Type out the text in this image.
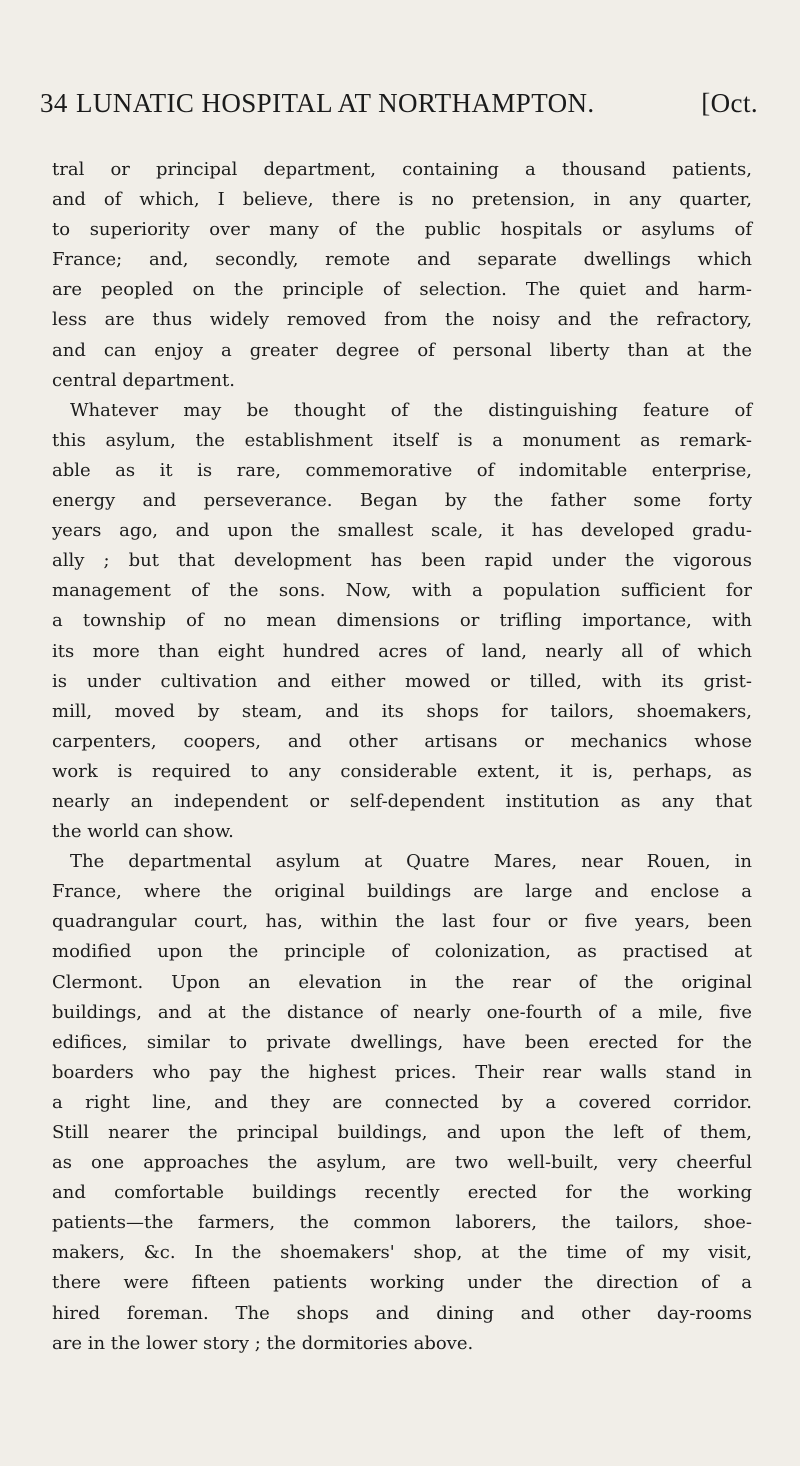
34 LUNATIC HOSPITAL AT NORTHAMPTON.	[Oct.
tral or principal department, containing a thousand patients,
and of which, I believe, there is no pretension, in any quarter,
to superiority over many of the public hospitals or asylums of
France; and, secondly, remote and separate dwellings which
are peopled on the principle of selection. The quiet and harm-
less are thus widely removed from the noisy and the refractory,
and can enjoy a greater degree of personal liberty than at the
central department.
Whatever may be thought of the distinguishing feature of
this asylum, the establishment itself is a monument as remark-
able as it is rare, commemorative of indomitable enterprise,
energy and perseverance. Began by the father some forty
years ago, and upon the smallest scale, it has developed gradu-
ally ; but that development has been rapid under the vigorous
management of the sons. Now, with a population sufficient for
a township of no mean dimensions or trifling importance, with
its more than eight hundred acres of land, nearly all of which
is under cultivation and either mowed or tilled, with its grist-
mill, moved by steam, and its shops for tailors, shoemakers,
carpenters, coopers, and other artisans or mechanics whose
work is required to any considerable extent, it is, perhaps, as
nearly an independent or self-dependent institution as any that
the world can show.
The departmental asylum at Quatre Mares, near Rouen, in
France, where the original buildings are large and enclose a
quadrangular court, has, within the last four or five years, been
modified upon the principle of colonization, as practised at
Clermont. Upon an elevation in the rear of the original
buildings, and at the distance of nearly one-fourth of a mile, five
edifices, similar to private dwellings, have been erected for the
boarders who pay the highest prices. Their rear walls stand in
a right line, and they are connected by a covered corridor.
Still nearer the principal buildings, and upon the left of them,
as one approaches the asylum, are two well-built, very cheerful
and comfortable buildings recently erected for the working
patients—the farmers, the common laborers, the tailors, shoe-
makers, &c. In the shoemakers' shop, at the time of my visit,
there were fifteen patients working under the direction of a
hired foreman. The shops and dining and other day-rooms
are in the lower story ; the dormitories above.
